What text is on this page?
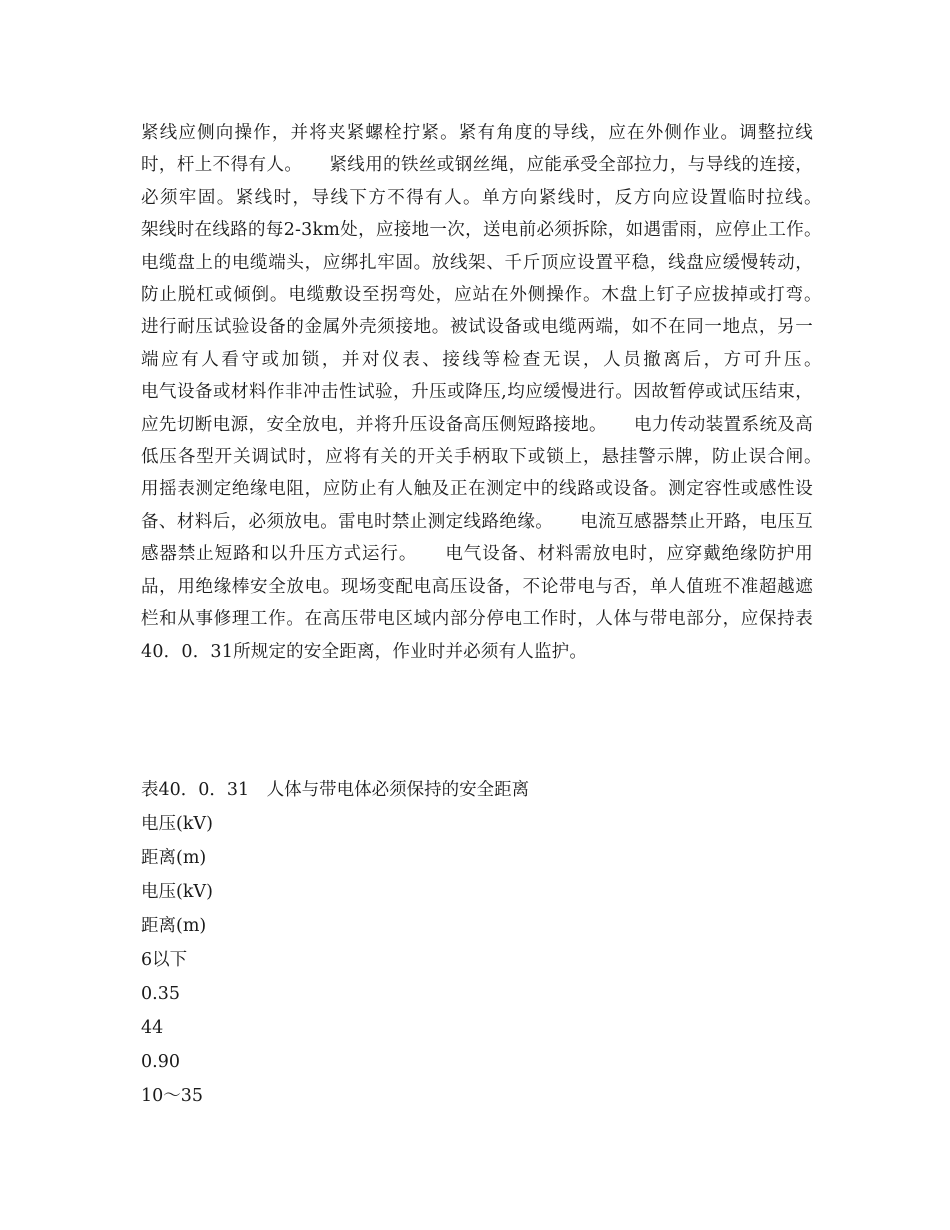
紧线应侧向操作，并将夹紧螺栓拧紧。紧有角度的导线，应在外侧作业。调整拉线时，杆上不得有人。　　紧线用的铁丝或钢丝绳，应能承受全部拉力，与导线的连接，必须牢固。紧线时，导线下方不得有人。单方向紧线时，反方向应设置临时拉线。　　架线时在线路的每2-3km处，应接地一次，送电前必须拆除，如遇雷雨，应停止工作。　　电缆盘上的电缆端头，应绑扎牢固。放线架、千斤顶应设置平稳，线盘应缓慢转动，防止脱杠或倾倒。电缆敷设至拐弯处，应站在外侧操作。木盘上钉子应拔掉或打弯。　　进行耐压试验设备的金属外壳须接地。被试设备或电缆两端，如不在同一地点，另一端应有人看守或加锁，并对仪表、接线等检查无误，人员撤离后，方可升压。　　　　电气设备或材料作非冲击性试验，升压或降压,均应缓慢进行。因故暂停或试压结束，应先切断电源，安全放电，并将升压设备高压侧短路接地。　　电力传动装置系统及高低压各型开关调试时，应将有关的开关手柄取下或锁上，悬挂警示牌，防止误合闸。　　用摇表测定绝缘电阻，应防止有人触及正在测定中的线路或设备。测定容性或感性设备、材料后，必须放电。雷电时禁止测定线路绝缘。　　电流互感器禁止开路，电压互感器禁止短路和以升压方式运行。　　电气设备、材料需放电时，应穿戴绝缘防护用品，用绝缘棒安全放电。现场变配电高压设备，不论带电与否，单人值班不准超越遮栏和从事修理工作。在高压带电区域内部分停电工作时，人体与带电部分，应保持表40．0．31所规定的安全距离，作业时并必须有人监护。

表40．0．31　人体与带电体必须保持的安全距离
电压(kV)
距离(m)
电压(kV)
距离(m)
6以下
0.35
44
0.90
10～35
